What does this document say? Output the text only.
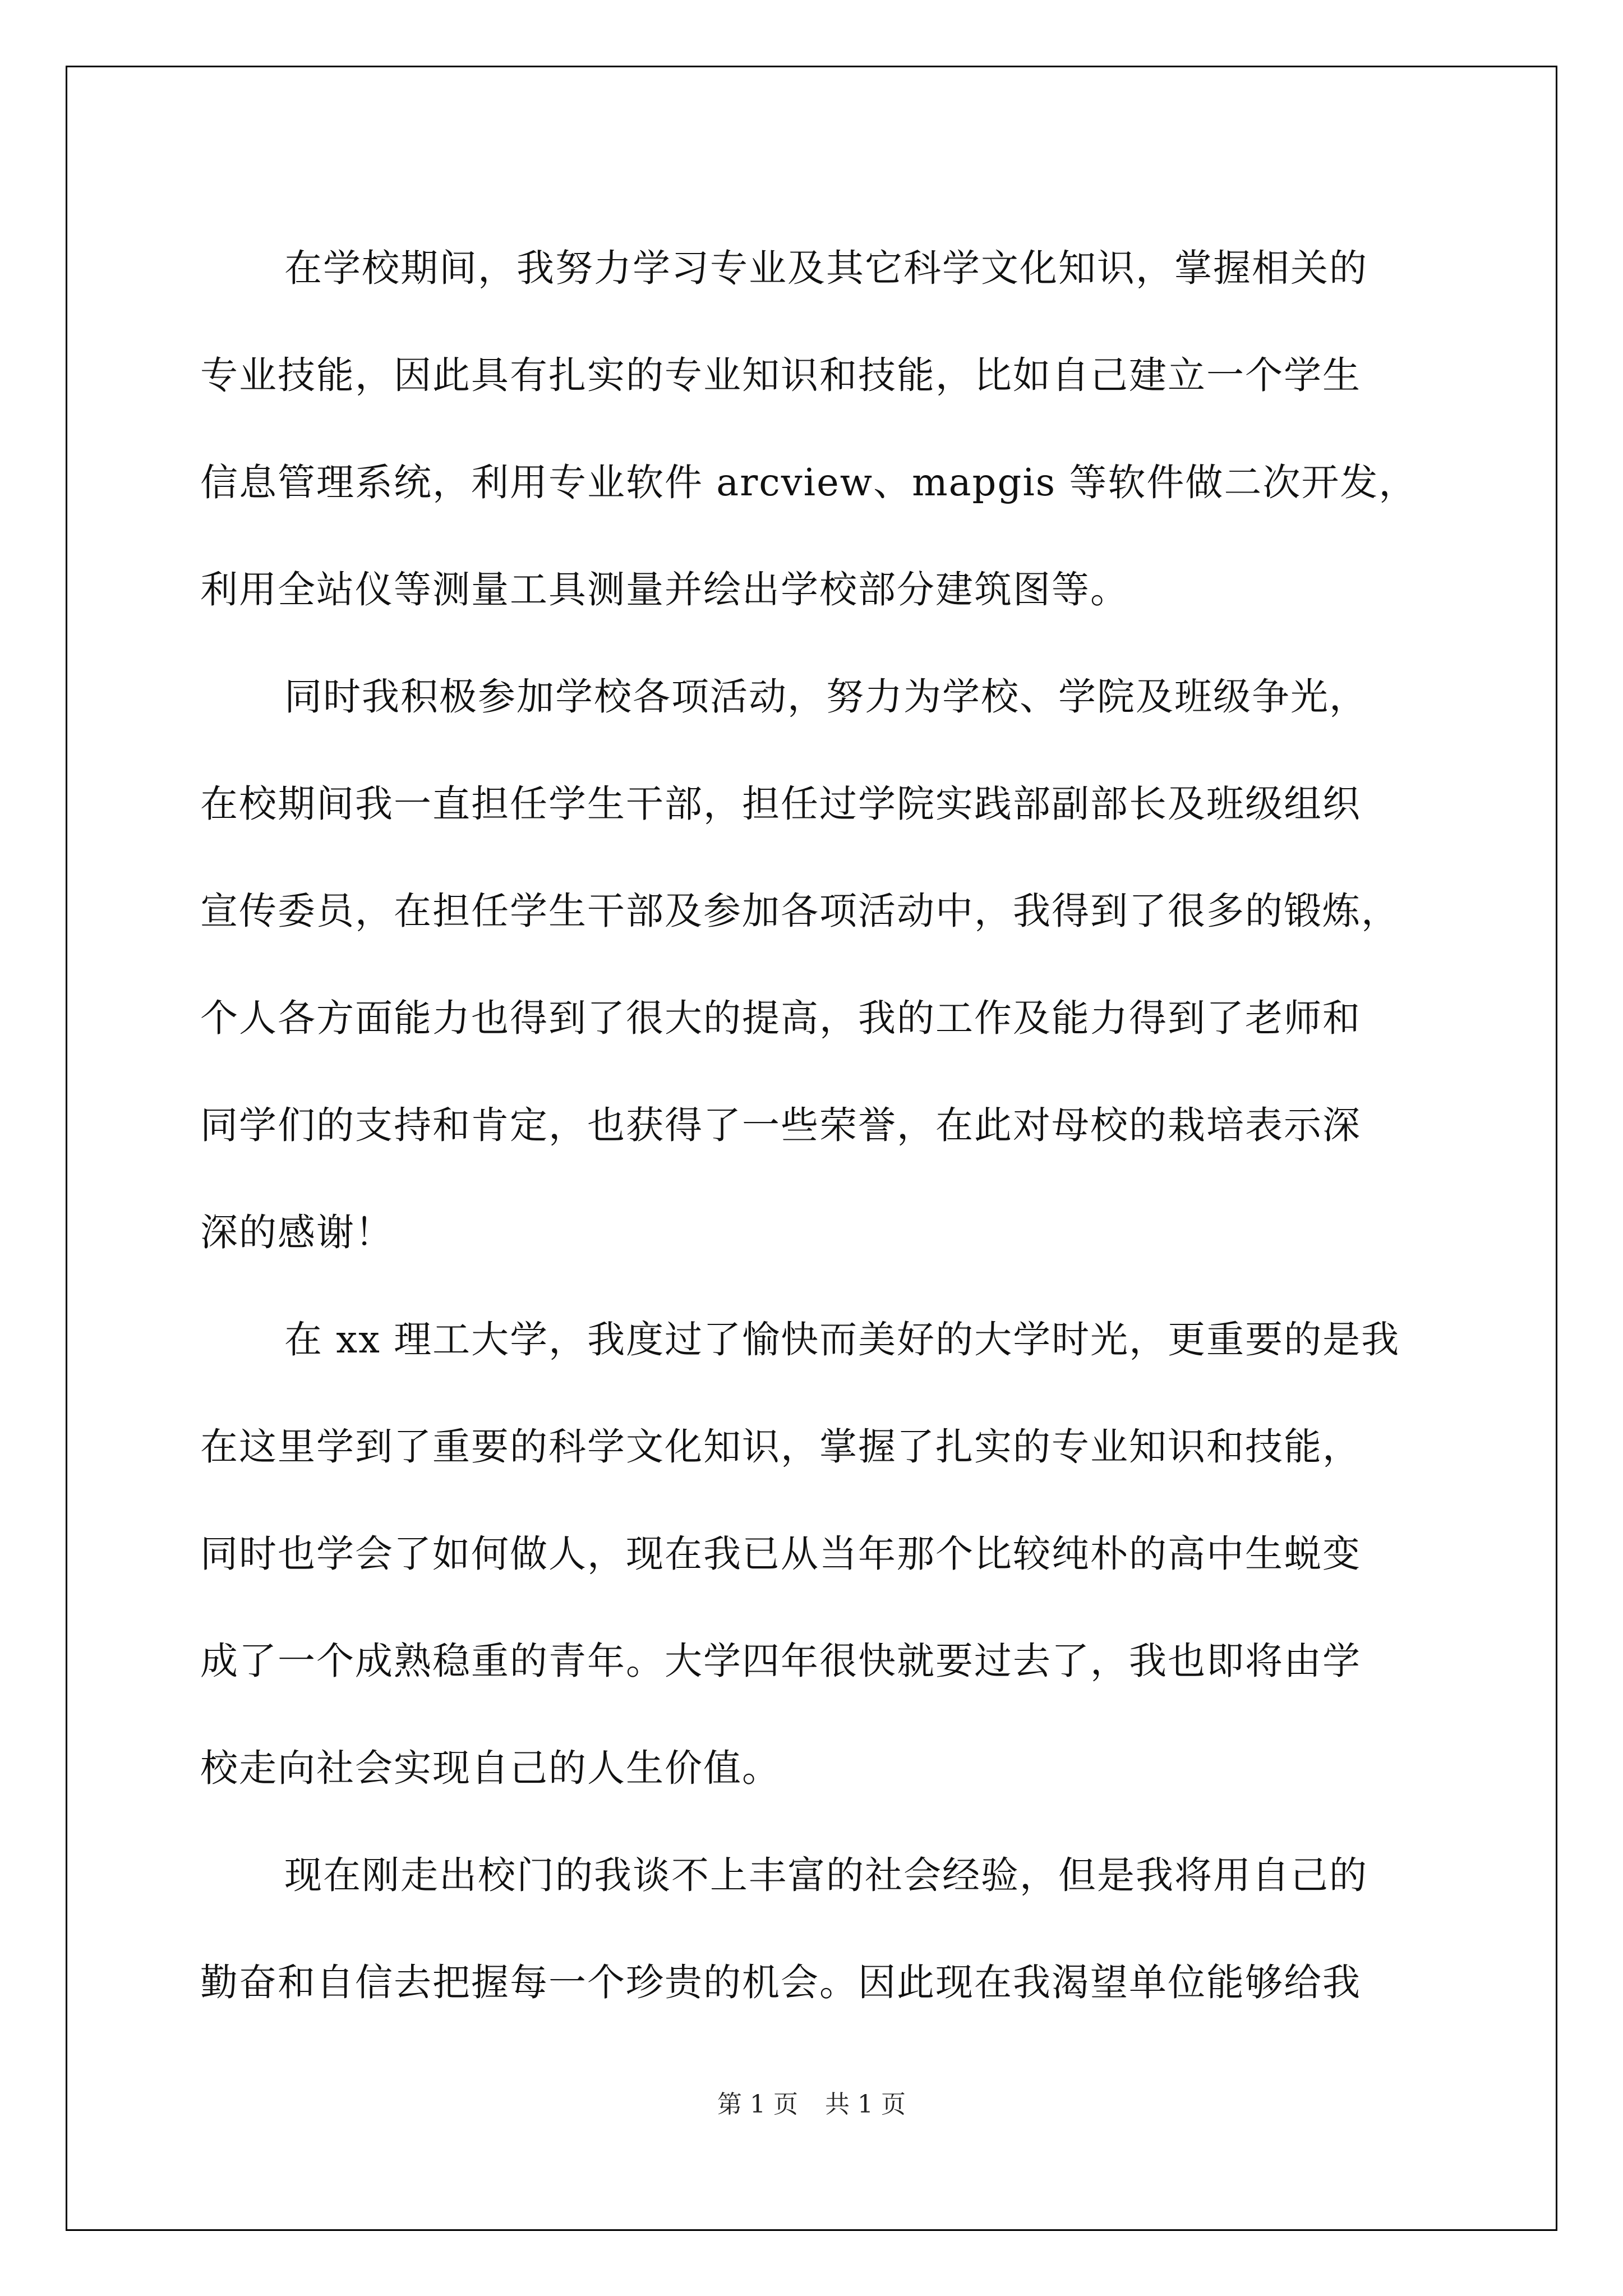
在学校期间，我努力学习专业及其它科学文化知识，掌握相关的
专业技能，因此具有扎实的专业知识和技能，比如自己建立一个学生
信息管理系统，利用专业软件 arcview、mapgis 等软件做二次开发，
利用全站仪等测量工具测量并绘出学校部分建筑图等。
同时我积极参加学校各项活动，努力为学校、学院及班级争光，
在校期间我一直担任学生干部，担任过学院实践部副部长及班级组织
宣传委员，在担任学生干部及参加各项活动中，我得到了很多的锻炼，
个人各方面能力也得到了很大的提高，我的工作及能力得到了老师和
同学们的支持和肯定，也获得了一些荣誉，在此对母校的栽培表示深
深的感谢！
在 xx 理工大学，我度过了愉快而美好的大学时光，更重要的是我
在这里学到了重要的科学文化知识，掌握了扎实的专业知识和技能，
同时也学会了如何做人，现在我已从当年那个比较纯朴的高中生蜕变
成了一个成熟稳重的青年。大学四年很快就要过去了，我也即将由学
校走向社会实现自己的人生价值。
现在刚走出校门的我谈不上丰富的社会经验，但是我将用自己的
勤奋和自信去把握每一个珍贵的机会。因此现在我渴望单位能够给我
第 1 页 共 1 页
